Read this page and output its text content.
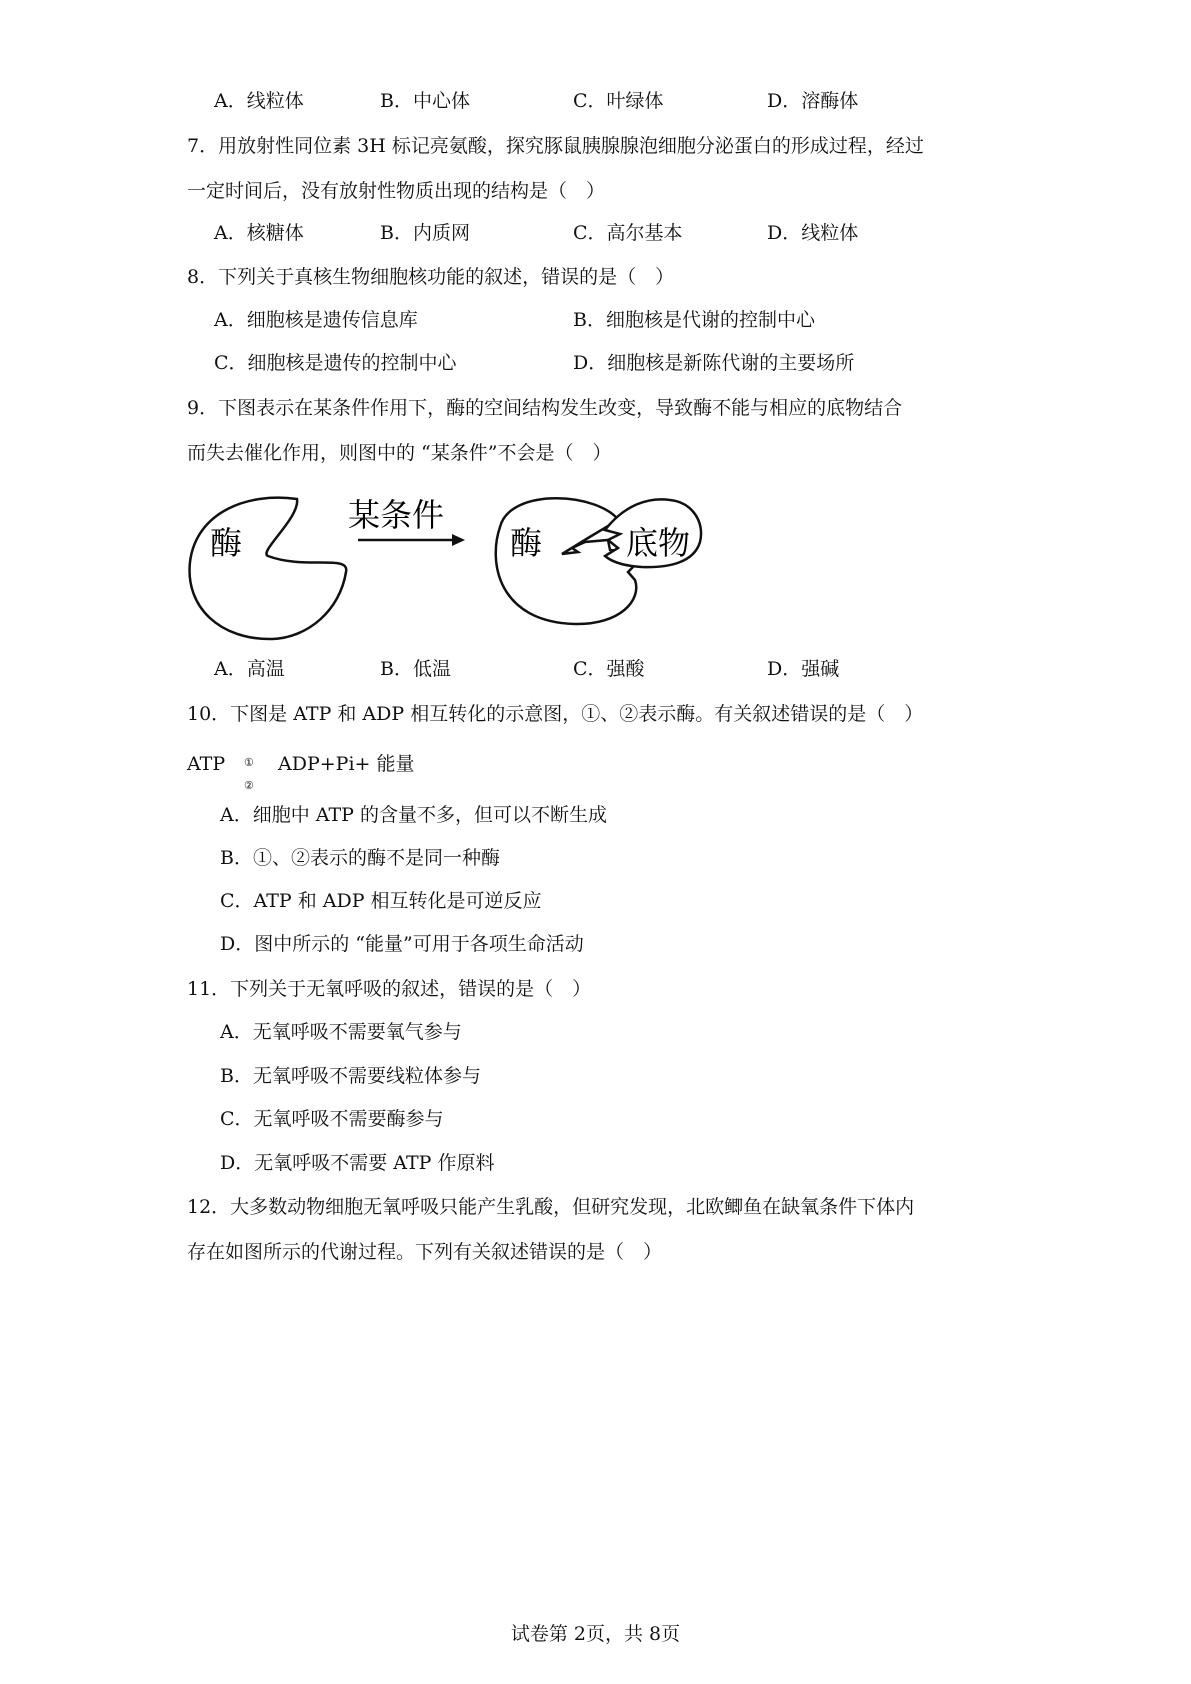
A．线粒体	B．中心体	C．叶绿体	D．溶酶体
7．用放射性同位素 3H 标记亮氨酸，探究豚鼠胰腺腺泡细胞分泌蛋白的形成过程，经过
一定时间后，没有放射性物质出现的结构是（　）
A．核糖体	B．内质网	C．高尔基本	D．线粒体
8．下列关于真核生物细胞核功能的叙述，错误的是（　）
A．细胞核是遗传信息库	B．细胞核是代谢的控制中心
C．细胞核是遗传的控制中心	D．细胞核是新陈代谢的主要场所
9．下图表示在某条件作用下，酶的空间结构发生改变，导致酶不能与相应的底物结合
而失去催化作用，则图中的 “某条件”不会是（　）
酶
某条件
酶	底物
A．高温	B．低温	C．强酸	D．强碱
10．下图是 ATP 和 ADP 相互转化的示意图，①、②表示酶。有关叙述错误的是（　）
ATP ①
②
ADP+Pi+ 能量
A．细胞中 ATP 的含量不多，但可以不断生成
B．①、②表示的酶不是同一种酶
C．ATP 和 ADP 相互转化是可逆反应
D．图中所示的 “能量”可用于各项生命活动
11．下列关于无氧呼吸的叙述，错误的是（　）
A．无氧呼吸不需要氧气参与
B．无氧呼吸不需要线粒体参与
C．无氧呼吸不需要酶参与
D．无氧呼吸不需要 ATP 作原料
12．大多数动物细胞无氧呼吸只能产生乳酸，但研究发现，北欧鲫鱼在缺氧条件下体内
存在如图所示的代谢过程。下列有关叙述错误的是（　）
试卷第 2页，共 8页
